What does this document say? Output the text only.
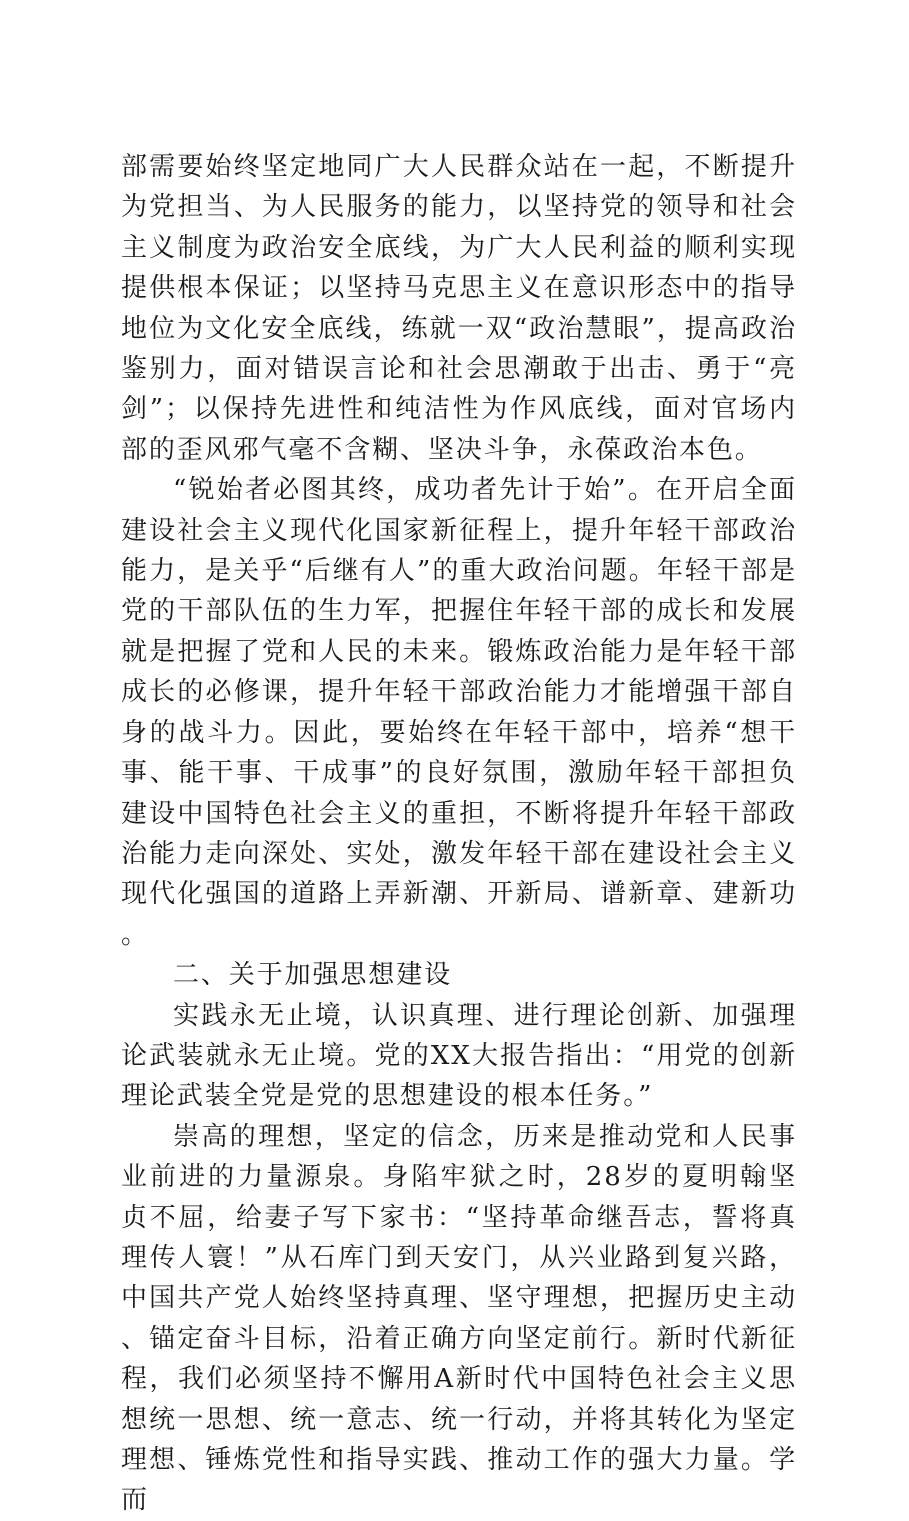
部需要始终坚定地同广大人民群众站在一起，不断提升为党担当、为人民服务的能力，以坚持党的领导和社会主义制度为政治安全底线，为广大人民利益的顺利实现提供根本保证；以坚持马克思主义在意识形态中的指导地位为文化安全底线，练就一双“政治慧眼”，提高政治鉴别力，面对错误言论和社会思潮敢于出击、勇于“亮剑”；以保持先进性和纯洁性为作风底线，面对官场内部的歪风邪气毫不含糊、坚决斗争，永葆政治本色。

“锐始者必图其终，成功者先计于始”。在开启全面建设社会主义现代化国家新征程上，提升年轻干部政治能力，是关乎“后继有人”的重大政治问题。年轻干部是党的干部队伍的生力军，把握住年轻干部的成长和发展就是把握了党和人民的未来。锻炼政治能力是年轻干部成长的必修课，提升年轻干部政治能力才能增强干部自身的战斗力。因此，要始终在年轻干部中，培养“想干事、能干事、干成事”的良好氛围，激励年轻干部担负建设中国特色社会主义的重担，不断将提升年轻干部政治能力走向深处、实处，激发年轻干部在建设社会主义现代化强国的道路上弄新潮、开新局、谱新章、建新功。

二、关于加强思想建设

实践永无止境，认识真理、进行理论创新、加强理论武装就永无止境。党的XX大报告指出：“用党的创新理论武装全党是党的思想建设的根本任务。”

崇高的理想，坚定的信念，历来是推动党和人民事业前进的力量源泉。身陷牢狱之时，28岁的夏明翰坚贞不屈，给妻子写下家书：“坚持革命继吾志，誓将真理传人寰！”从石库门到天安门，从兴业路到复兴路，中国共产党人始终坚持真理、坚守理想，把握历史主动、锚定奋斗目标，沿着正确方向坚定前行。新时代新征程，我们必须坚持不懈用A新时代中国特色社会主义思想统一思想、统一意志、统一行动，并将其转化为坚定理想、锤炼党性和指导实践、推动工作的强大力量。学而
